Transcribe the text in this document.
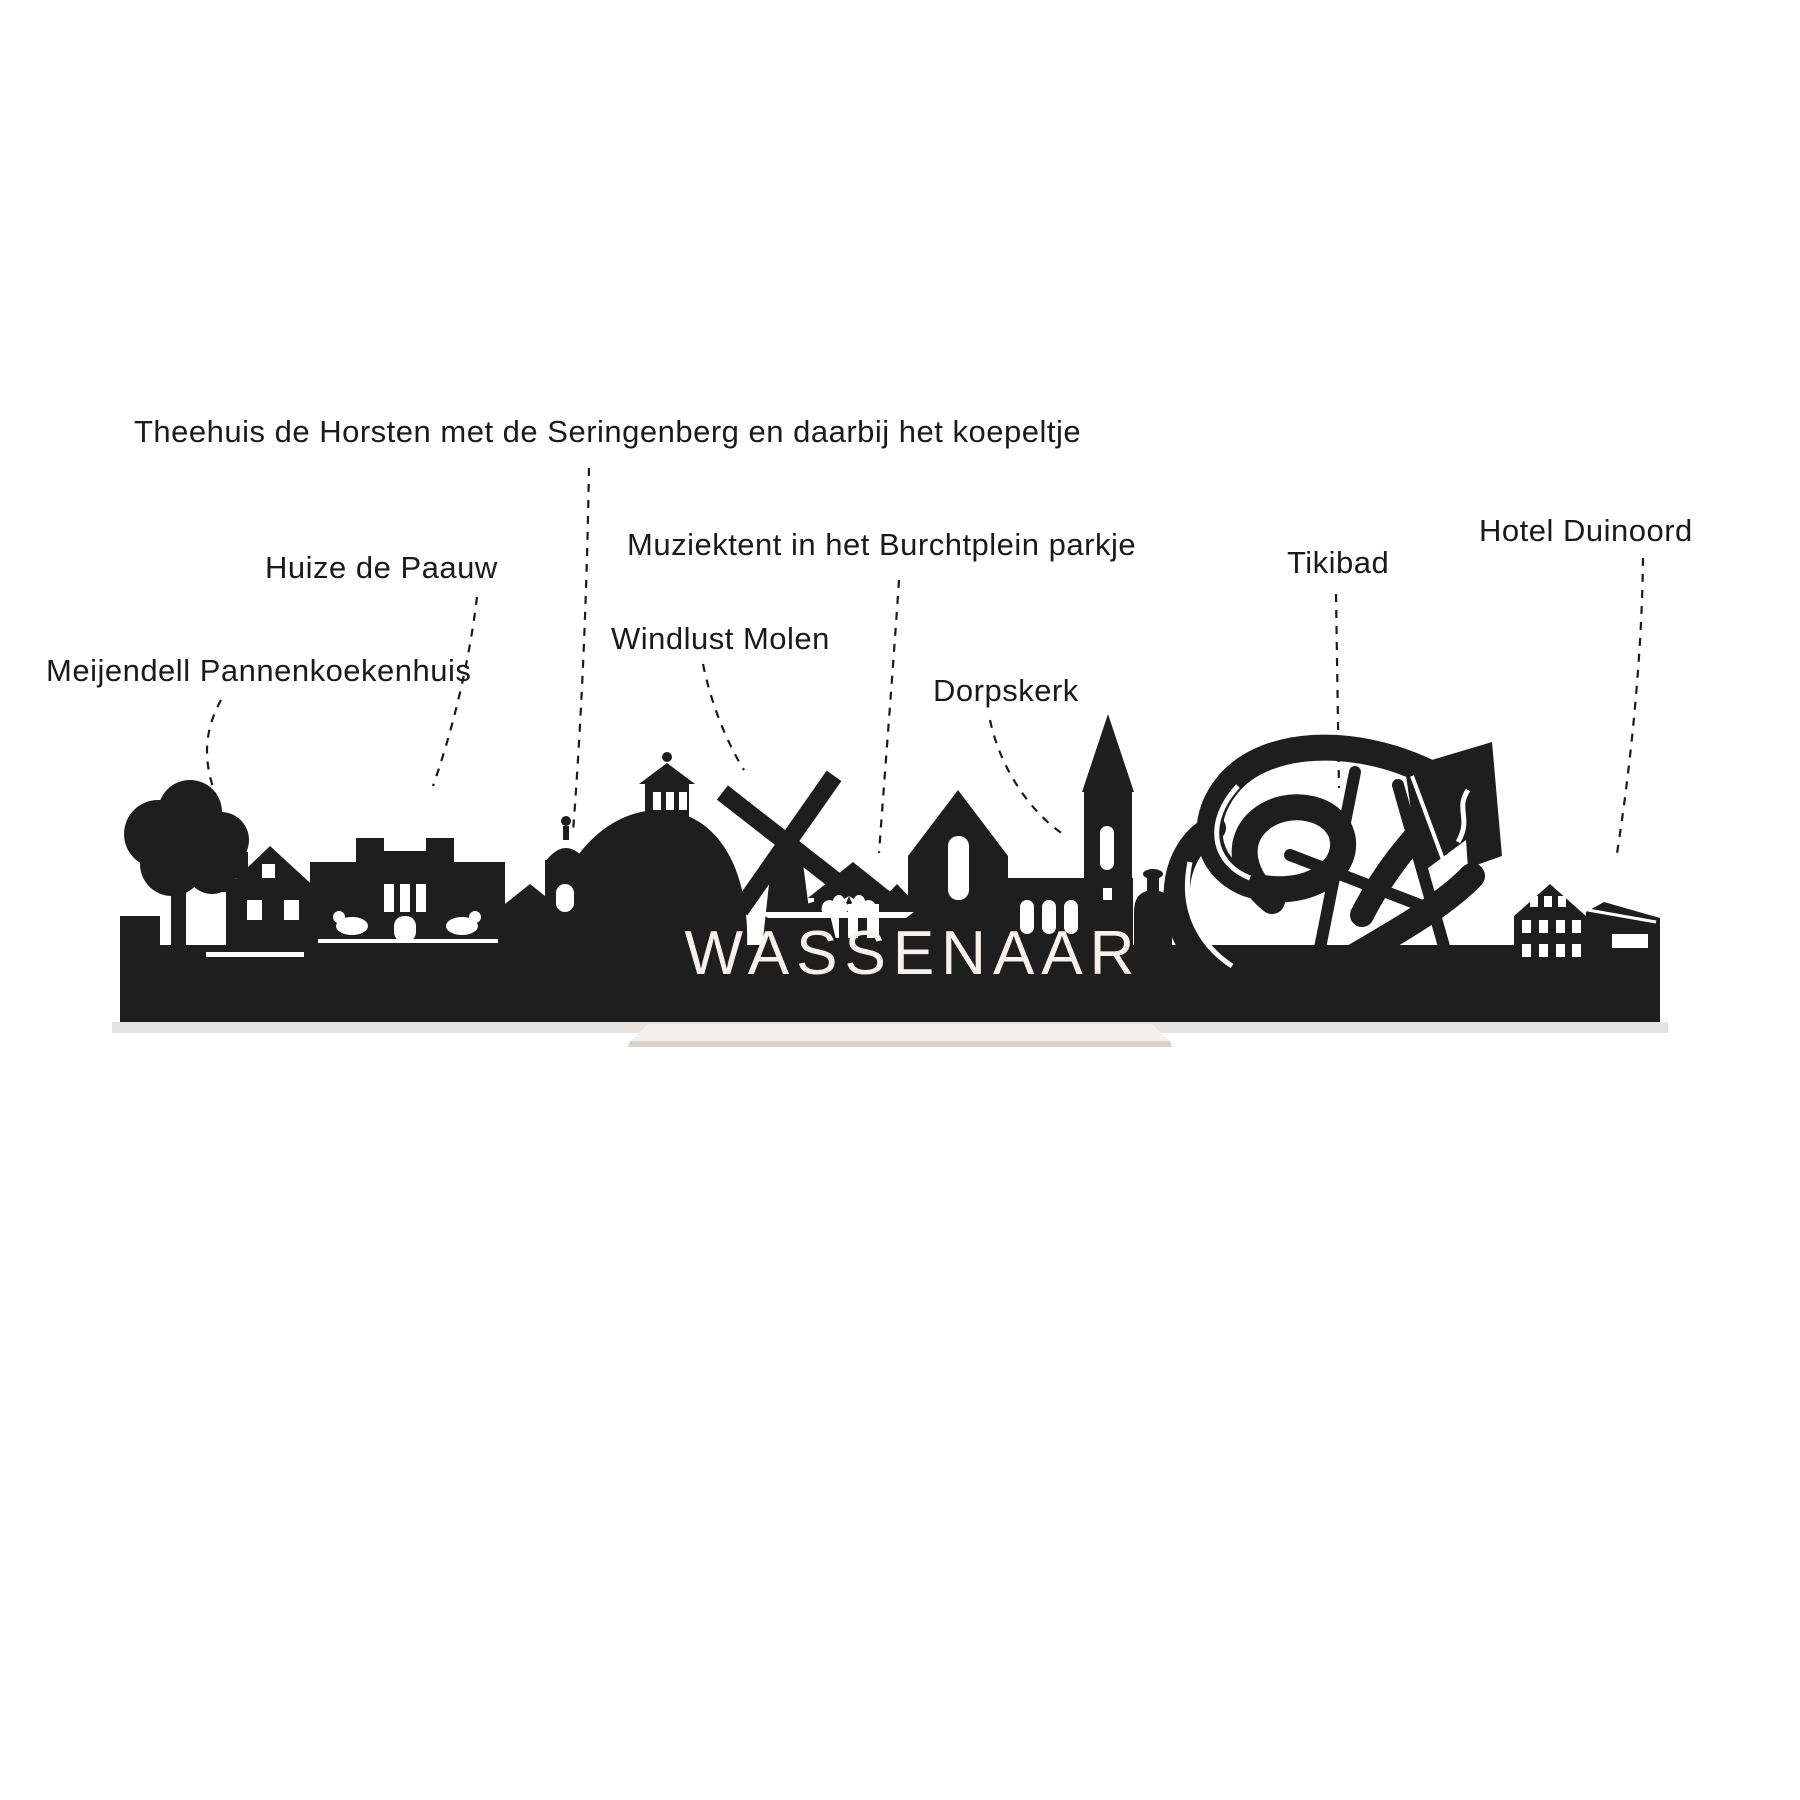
Theehuis de Horsten met de Seringenberg en daarbij het koepeltje
Huize de Paauw
Meijendell Pannenkoekenhuis
Windlust Molen
Muziektent in het Burchtplein parkje
Dorpskerk
Tikibad
Hotel Duinoord
WASSENAAR
